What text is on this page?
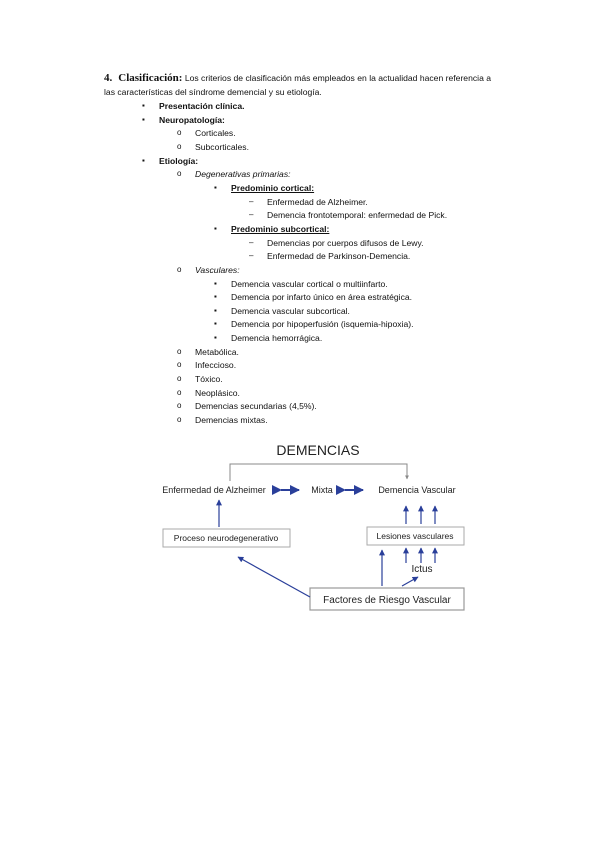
4. Clasificación: Los criterios de clasificación más empleados en la actualidad hacen referencia a las características del síndrome demencial y su etiología.
▪ Presentación clínica.
▪ Neuropatología:
o Corticales.
o Subcorticales.
▪ Etiología:
o Degenerativas primarias:
▪ Predominio cortical:
– Enfermedad de Alzheimer.
– Demencia frontotemporal: enfermedad de Pick.
▪ Predominio subcortical:
– Demencias por cuerpos difusos de Lewy.
– Enfermedad de Parkinson-Demencia.
o Vasculares:
▪ Demencia vascular cortical o multiinfarto.
▪ Demencia por infarto único en área estratégica.
▪ Demencia vascular subcortical.
▪ Demencia por hipoperfusión (isquemia-hipoxia).
▪ Demencia hemorrágica.
o Metabólica.
o Infeccioso.
o Tóxico.
o Neoplásico.
o Demencias secundarias (4,5%).
o Demencias mixtas.
DEMENCIAS
Enfermedad de Alzheimer	Mixta	Demencia Vascular
Proceso neurodegenerativo	Lesiones vasculares
Ictus
Factores de Riesgo Vascular
